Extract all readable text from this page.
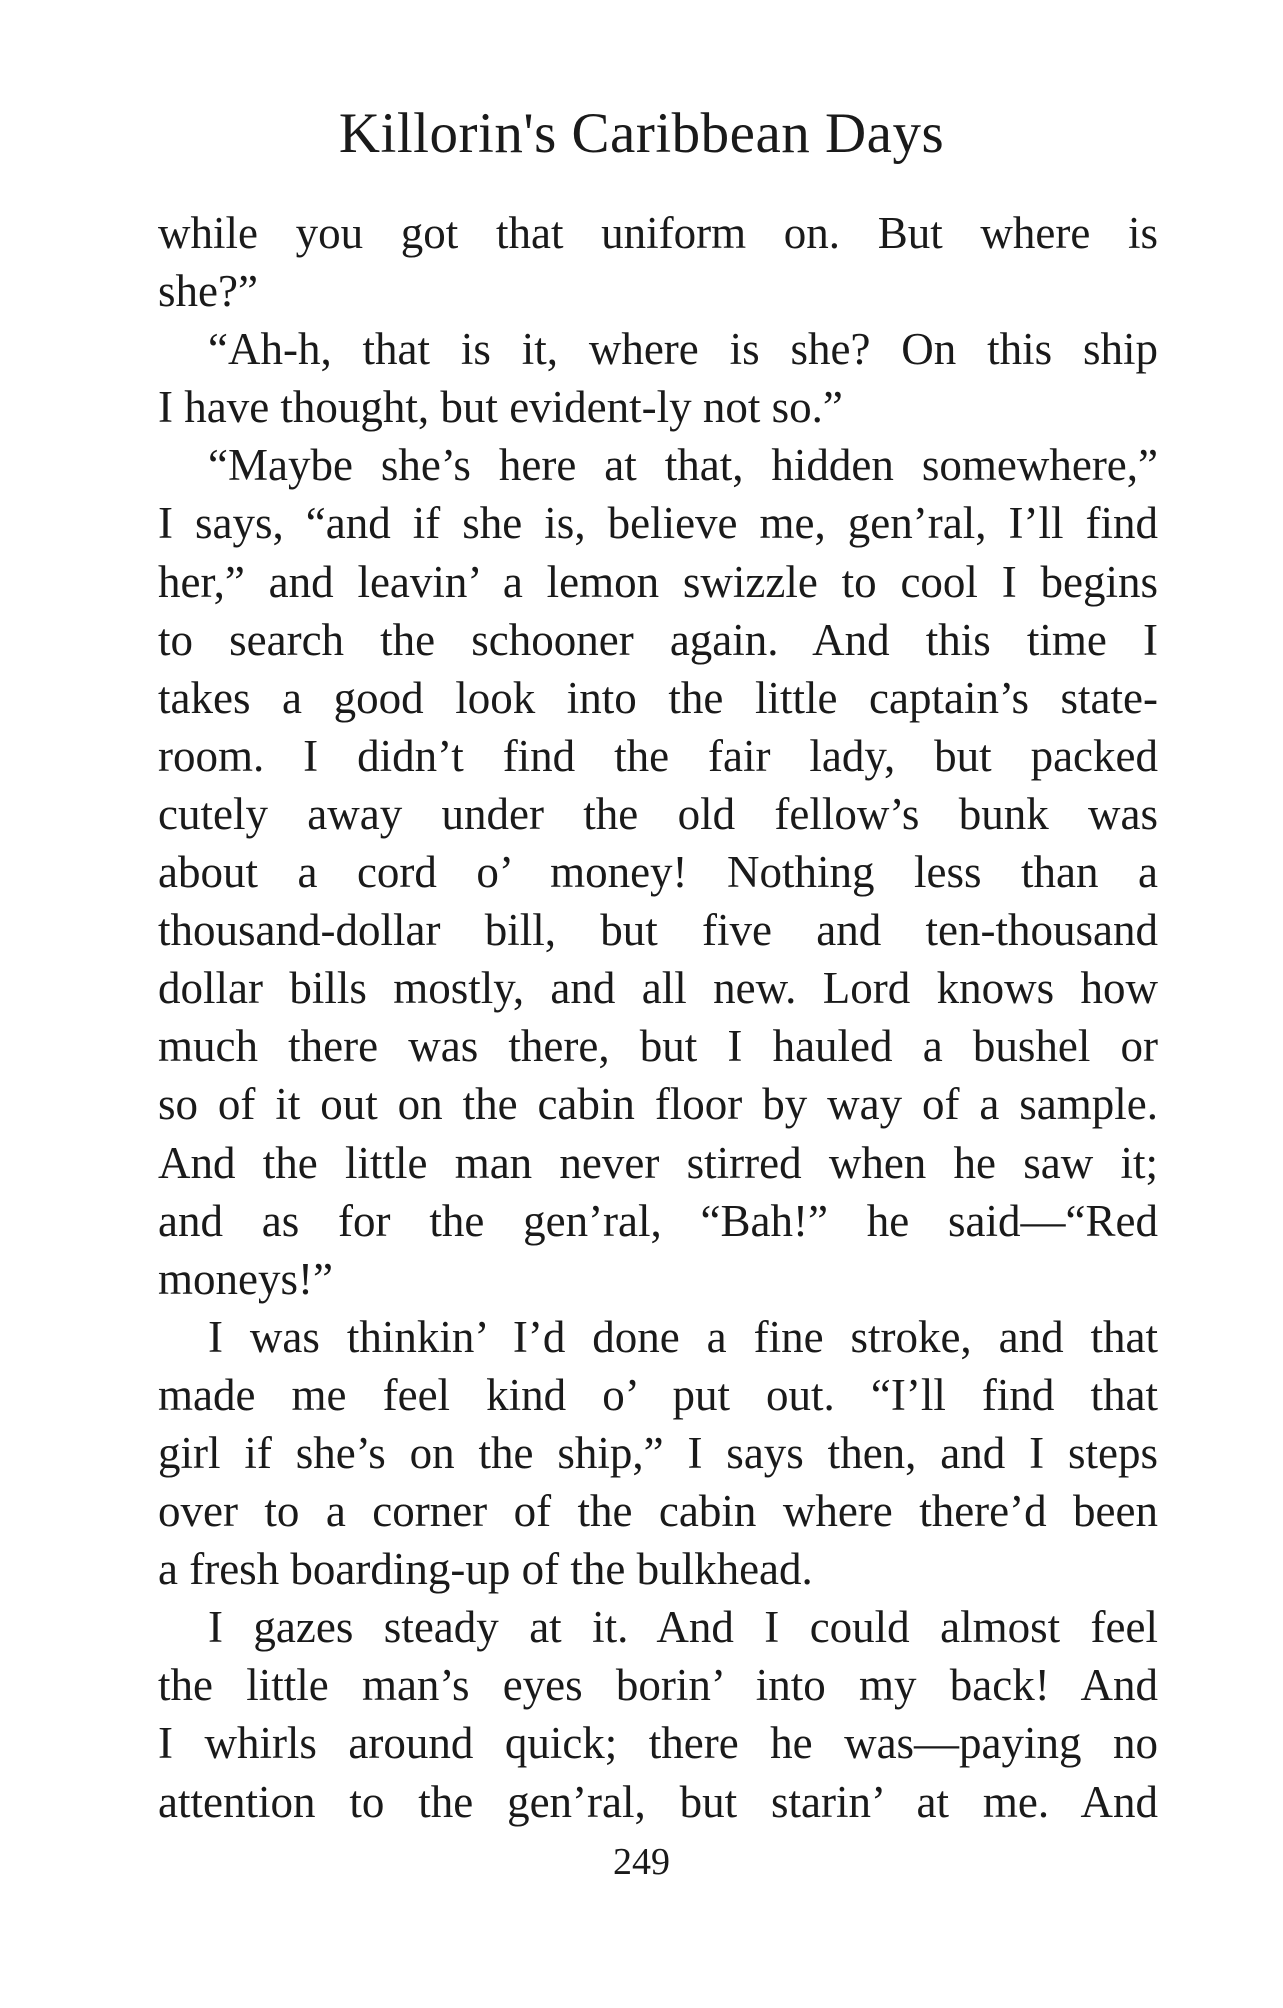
Killorin's Caribbean Days
while you got that uniform on. But where is
she?”
“Ah-h, that is it, where is she? On this ship
I have thought, but evident-ly not so.”
“Maybe she’s here at that, hidden somewhere,”
I says, “and if she is, believe me, gen’ral, I’ll find
her,” and leavin’ a lemon swizzle to cool I begins
to search the schooner again. And this time I
takes a good look into the little captain’s state-
room. I didn’t find the fair lady, but packed
cutely away under the old fellow’s bunk was
about a cord o’ money! Nothing less than a
thousand-dollar bill, but five and ten-thousand
dollar bills mostly, and all new. Lord knows how
much there was there, but I hauled a bushel or
so of it out on the cabin floor by way of a sample.
And the little man never stirred when he saw it;
and as for the gen’ral, “Bah!” he said—“Red
moneys!”
I was thinkin’ I’d done a fine stroke, and that
made me feel kind o’ put out. “I’ll find that
girl if she’s on the ship,” I says then, and I steps
over to a corner of the cabin where there’d been
a fresh boarding-up of the bulkhead.
I gazes steady at it. And I could almost feel
the little man’s eyes borin’ into my back! And
I whirls around quick; there he was—paying no
attention to the gen’ral, but starin’ at me. And
249
